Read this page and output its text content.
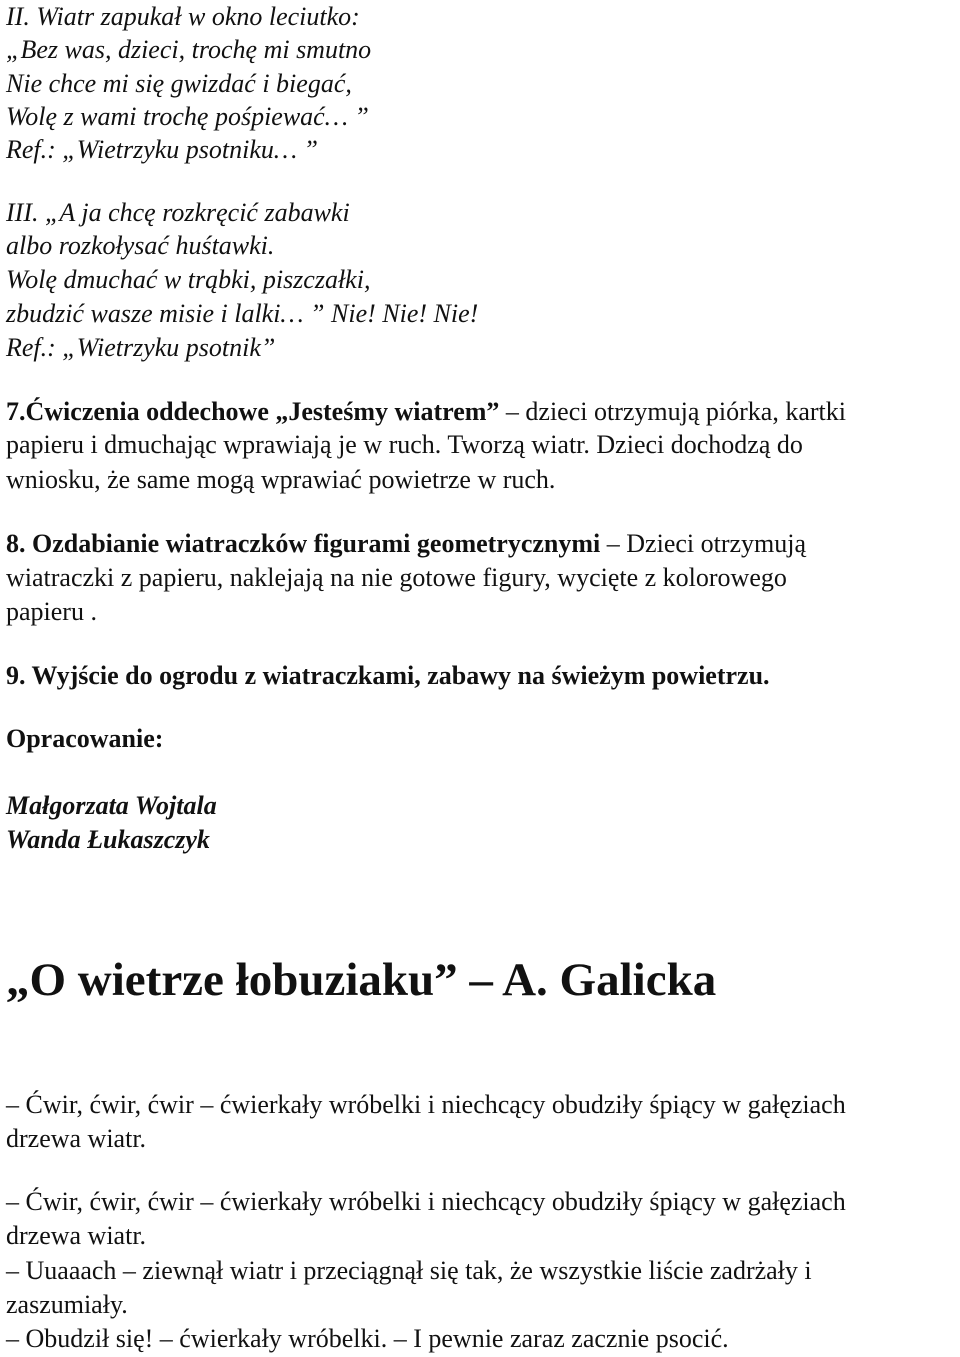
II. Wiatr zapukał w okno leciutko:
„Bez was, dzieci, trochę mi smutno
Nie chce mi się gwizdać i biegać,
Wolę z wami trochę pośpiewać… ”
Ref.: „Wietrzyku psotniku… ”
III. „A ja chcę rozkręcić zabawki
albo rozkołysać huśtawki.
Wolę dmuchać w trąbki, piszczałki,
zbudzić wasze misie i lalki… ” Nie! Nie! Nie!
Ref.: „Wietrzyku psotnik”
7.Ćwiczenia oddechowe „Jesteśmy wiatrem” – dzieci otrzymują piórka, kartki
papieru i dmuchając wprawiają je w ruch. Tworzą wiatr. Dzieci dochodzą do
wniosku, że same mogą wprawiać powietrze w ruch.
8. Ozdabianie wiatraczków figurami geometrycznymi – Dzieci otrzymują
wiatraczki z papieru, naklejają na nie gotowe figury, wycięte z kolorowego
papieru .
9. Wyjście do ogrodu z wiatraczkami, zabawy na świeżym powietrzu.
Opracowanie:
Małgorzata Wojtala
Wanda Łukaszczyk
„O wietrze łobuziaku” – A. Galicka
– Ćwir, ćwir, ćwir – ćwierkały wróbelki i niechcący obudziły śpiący w gałęziach
drzewa wiatr.
– Ćwir, ćwir, ćwir – ćwierkały wróbelki i niechcący obudziły śpiący w gałęziach
drzewa wiatr.
– Uuaaach – ziewnął wiatr i przeciągnął się tak, że wszystkie liście zadrżały i
zaszumiały.
– Obudził się! – ćwierkały wróbelki. – I pewnie zaraz zacznie psocić.
